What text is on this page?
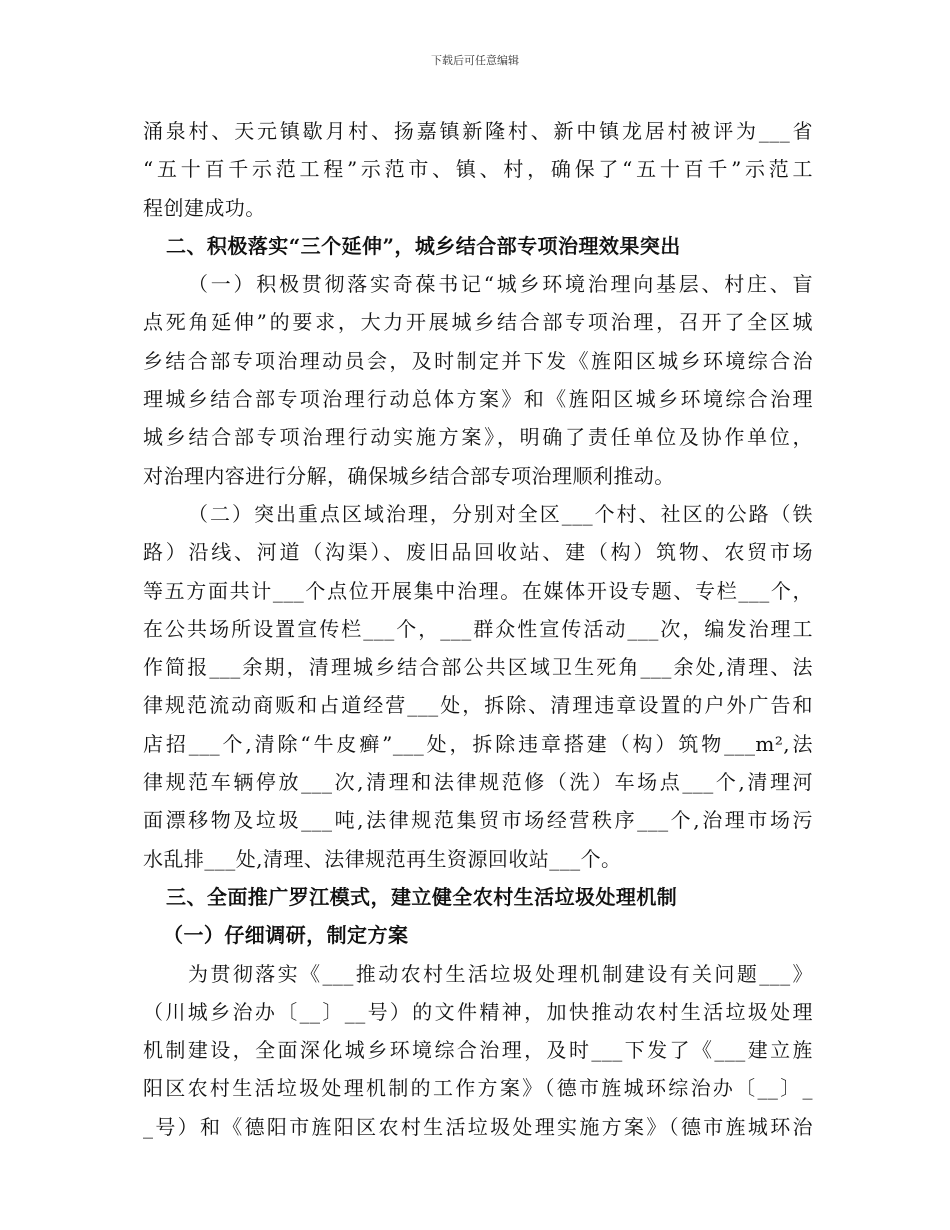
下载后可任意编辑
涌泉村、天元镇歇月村、扬嘉镇新隆村、新中镇龙居村被评为___省
“五十百千示范工程”示范市、镇、村，确保了“五十百千”示范工
程创建成功。
二、积极落实“三个延伸”，城乡结合部专项治理效果突出
（一）积极贯彻落实奇葆书记“城乡环境治理向基层、村庄、盲
点死角延伸”的要求，大力开展城乡结合部专项治理，召开了全区城
乡结合部专项治理动员会，及时制定并下发《旌阳区城乡环境综合治
理城乡结合部专项治理行动总体方案》和《旌阳区城乡环境综合治理
城乡结合部专项治理行动实施方案》，明确了责任单位及协作单位，
对治理内容进行分解，确保城乡结合部专项治理顺利推动。
（二）突出重点区域治理，分别对全区___个村、社区的公路（铁
路）沿线、河道（沟渠）、废旧品回收站、建（构）筑物、农贸市场
等五方面共计___个点位开展集中治理。在媒体开设专题、专栏___个，
在公共场所设置宣传栏___个，___群众性宣传活动___次，编发治理工
作简报___余期，清理城乡结合部公共区域卫生死角___余处,清理、法
律规范流动商贩和占道经营___处，拆除、清理违章设置的户外广告和
店招___个,清除“牛皮癣”___处，拆除违章搭建（构）筑物___m²,法
律规范车辆停放___次,清理和法律规范修（洗）车场点___个,清理河
面漂移物及垃圾___吨,法律规范集贸市场经营秩序___个,治理市场污
水乱排___处,清理、法律规范再生资源回收站___个。
三、全面推广罗江模式，建立健全农村生活垃圾处理机制
（一）仔细调研，制定方案
为贯彻落实《___推动农村生活垃圾处理机制建设有关问题___》
（川城乡治办〔__〕__号）的文件精神，加快推动农村生活垃圾处理
机制建设，全面深化城乡环境综合治理，及时___下发了《___建立旌
阳区农村生活垃圾处理机制的工作方案》（德市旌城环综治办〔__〕_
_号）和《德阳市旌阳区农村生活垃圾处理实施方案》（德市旌城环治
